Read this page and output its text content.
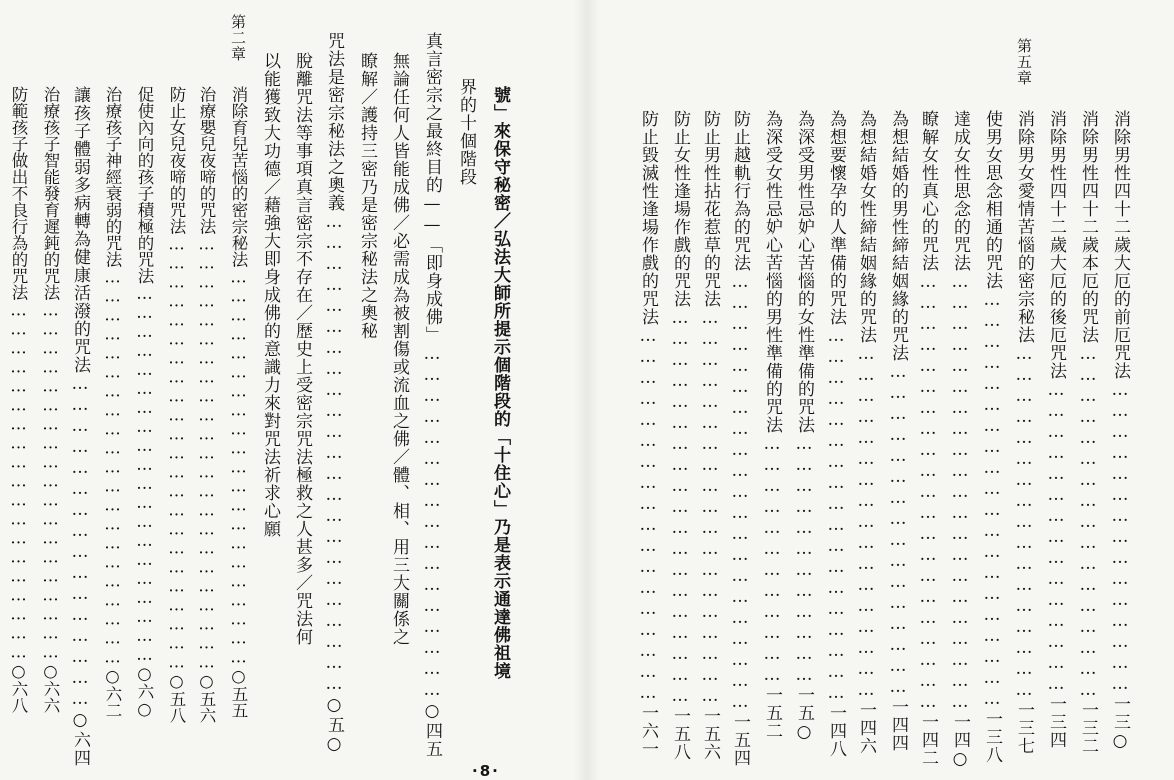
號」來保守秘密／弘法大師所提示個階段的「十住心」乃是表示通達佛祖境
界的十個階段
真言密宗之最終目的——「即身成佛」……………………………………………○四五
無論任何人皆能成佛／必需成為被割傷或流血之佛／體、相、用三大關係之
瞭解／護持三密乃是密宗秘法之奧秘
咒法是密宗秘法之奧義……………………………………………………………○五○
脫離咒法等事項真言密宗不存在／歷史上受密宗咒法極救之人甚多／咒法何
以能獲致大功德／藉強大即身成佛的意識力來對咒法祈求心願
第二章
消除育兒苦惱的密宗秘法………………………………………………………○五五
治療嬰兒夜啼的咒法……………………………………………………………○五六
防止女兒夜啼的咒法……………………………………………………………○五八
促使內向的孩子積極的咒法……………………………………………………○六○
治療孩子神經衰弱的咒法………………………………………………………○六二
讓孩子體弱多病轉為健康活潑的咒法…………………………………………○六四
治療孩子智能發育遲鈍的咒法…………………………………………………○六六
防範孩子做出不良行為的咒法…………………………………………………○六八
·8·
消除男性四十二歲大厄的前厄咒法………………………………………一三○
消除男性四十二歲本厄的咒法……………………………………………一三二
消除男性四十二歲大厄的後厄咒法………………………………………一三四
第五章
消除男女愛情苦惱的密宗秘法……………………………………………一三七
使男女思念相通的咒法……………………………………………………一三八
達成女性思念的咒法………………………………………………………一四○
瞭解女性真心的咒法………………………………………………………一四二
為想結婚的男性締結姻緣的咒法…………………………………………一四四
為想結婚女性締結姻緣的咒法……………………………………………一四六
為想要懷孕的人準備的咒法………………………………………………一四八
為深受男性忌妒心苦惱的女性準備的咒法………………………………一五○
為深受女性忌妒心苦惱的男性準備的咒法………………………………一五二
防止越軌行為的咒法………………………………………………………一五四
防止男性拈花惹草的咒法…………………………………………………一五六
防止女性逢場作戲的咒法…………………………………………………一五八
防止毀滅性逢場作戲的咒法………………………………………………一六一
